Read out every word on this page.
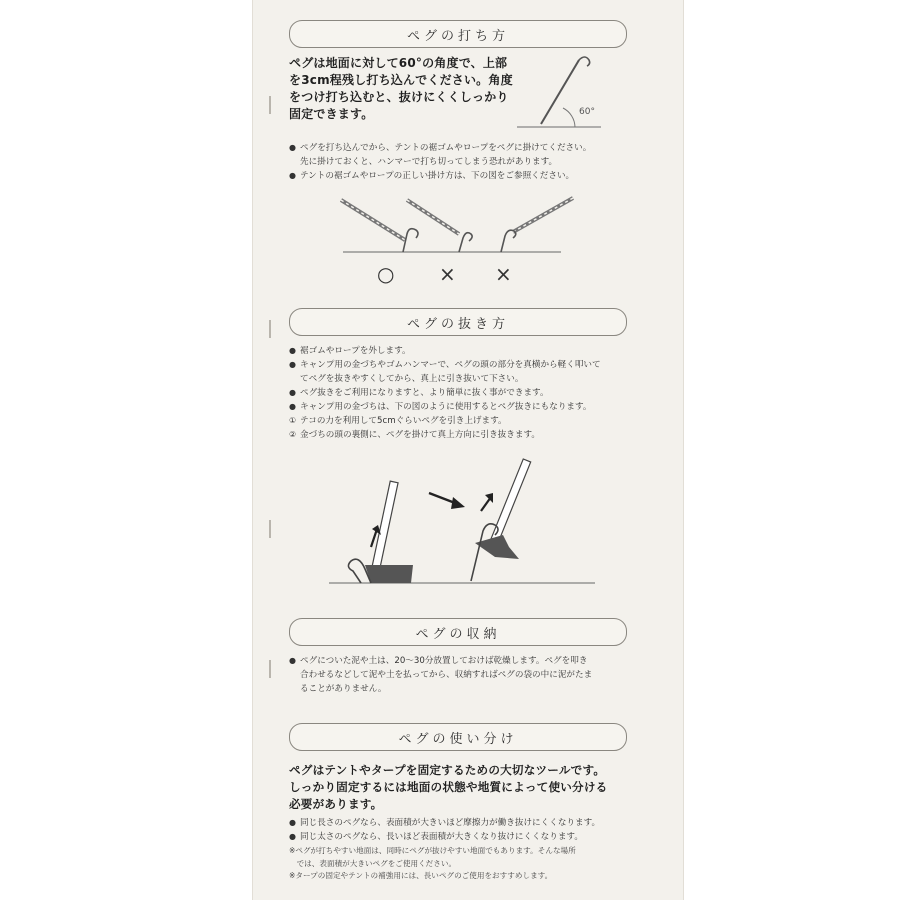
ペグの打ち方
ペグは地面に対して60°の角度で、上部
を3cm程残し打ち込んでください。角度
をつけ打ち込むと、抜けにくくしっかり
固定できます。	60°
● ペグを打ち込んでから、テントの裾ゴムやロープをペグに掛けてください。
先に掛けておくと、ハンマーで打ち切ってしまう恐れがあります。
● テントの裾ゴムやロープの正しい掛け方は、下の図をご参照ください。
○ × ×
ペグの抜き方
● 裾ゴムやロープを外します。
● キャンプ用の金づちやゴムハンマーで、ペグの頭の部分を真横から軽く叩いて
てペグを抜きやすくしてから、真上に引き抜いて下さい。
● ペグ抜きをご利用になりますと、より簡単に抜く事ができます。
● キャンプ用の金づちは、下の図のように使用するとペグ抜きにもなります。
① テコの力を利用して5cmぐらいペグを引き上げます。
② 金づちの頭の裏側に、ペグを掛けて真上方向に引き抜きます。
ペグの収納
● ペグについた泥や土は、20〜30分放置しておけば乾燥します。ペグを叩き
合わせるなどして泥や土を払ってから、収納すればペグの袋の中に泥がたま
ることがありません。
ペグの使い分け
ペグはテントやタープを固定するための大切なツールです。
しっかり固定するには地面の状態や地質によって使い分ける
必要があります。
● 同じ長さのペグなら、表面積が大きいほど摩擦力が働き抜けにくくなります。
● 同じ太さのペグなら、長いほど表面積が大きくなり抜けにくくなります。
※ペグが打ちやすい地面は、同時にペグが抜けやすい地面でもあります。そんな場所
　では、表面積が大きいペグをご使用ください。
※タープの固定やテントの補強用には、長いペグのご使用をおすすめします。
